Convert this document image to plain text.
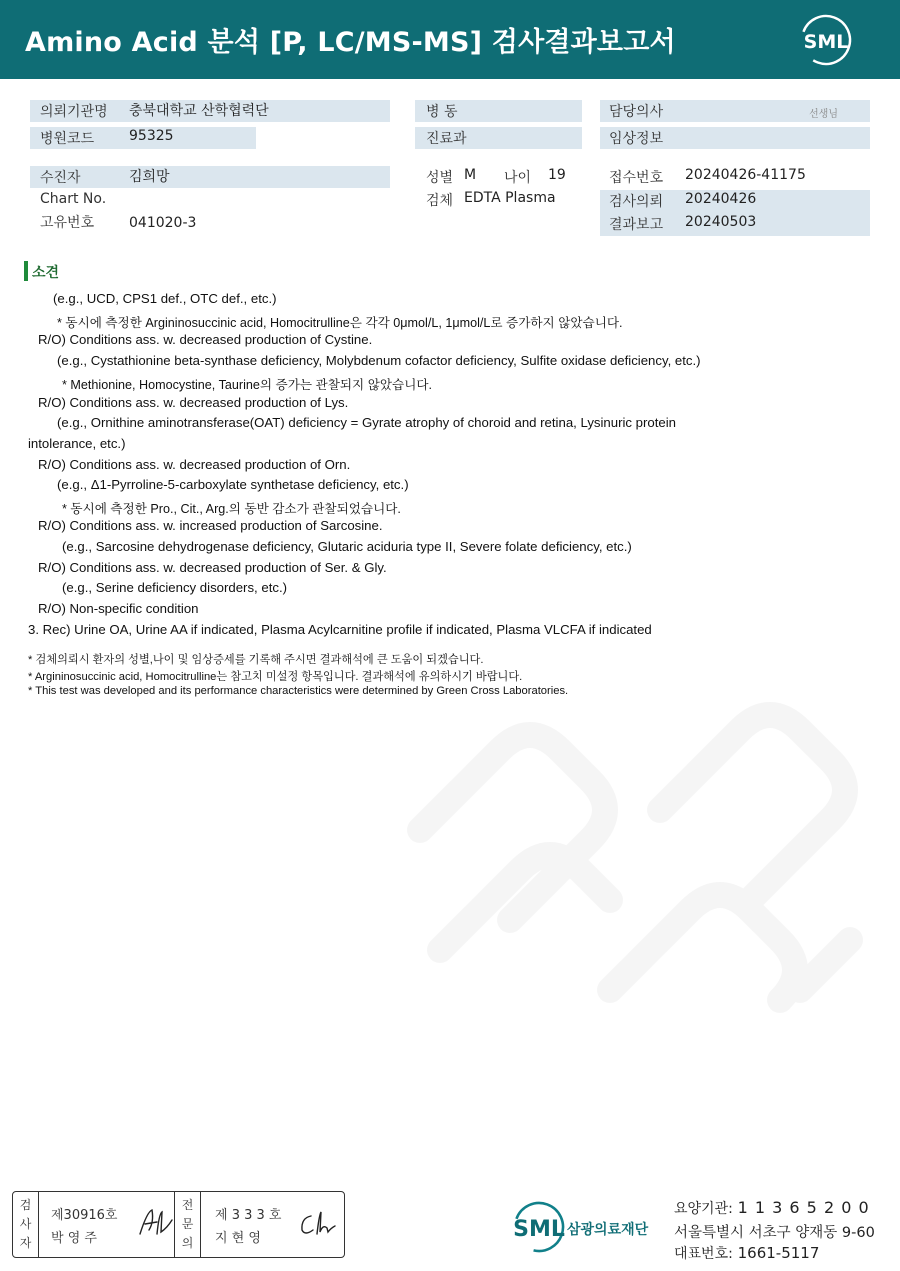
Amino Acid 분석 [P, LC/MS-MS] 검사결과보고서	SML
의뢰기관명 충북대학교 산학협력단
병원코드 95325
수진자	김희망
Chart No.
고유번호 041020-3
병 동
진료과
성별 M 나이 19
검체 EDTA Plasma
담당의사	선생님
임상정보
접수번호 20240426-41175
검사의뢰 20240426
결과보고 20240503
소견
(e.g., UCD, CPS1 def., OTC def., etc.)
* 동시에 측정한 Argininosuccinic acid, Homocitrulline은 각각 0μmol/L, 1μmol/L로 증가하지 않았습니다.
R/O) Conditions ass. w. decreased production of Cystine.
(e.g., Cystathionine beta-synthase deficiency, Molybdenum cofactor deficiency, Sulfite oxidase deficiency, etc.)
* Methionine, Homocystine, Taurine의 증가는 관찰되지 않았습니다.
R/O) Conditions ass. w. decreased production of Lys.
(e.g., Ornithine aminotransferase(OAT) deficiency = Gyrate atrophy of choroid and retina, Lysinuric protein
intolerance, etc.)
R/O) Conditions ass. w. decreased production of Orn.
(e.g., Δ1-Pyrroline-5-carboxylate synthetase deficiency, etc.)
* 동시에 측정한 Pro., Cit., Arg.의 동반 감소가 관찰되었습니다.
R/O) Conditions ass. w. increased production of Sarcosine.
(e.g., Sarcosine dehydrogenase deficiency, Glutaric aciduria type II, Severe folate deficiency, etc.)
R/O) Conditions ass. w. decreased production of Ser. & Gly.
(e.g., Serine deficiency disorders, etc.)
R/O) Non-specific condition
3. Rec) Urine OA, Urine AA if indicated, Plasma Acylcarnitine profile if indicated, Plasma VLCFA if indicated
* 검체의뢰시 환자의 성별,나이 및 임상증세를 기록해 주시면 결과해석에 큰 도움이 되겠습니다.
* Argininosuccinic acid, Homocitrulline는 참고치 미설정 항목입니다. 결과해석에 유의하시기 바랍니다.
* This test was developed and its performance characteristics were determined by Green Cross Laboratories.
검
사
자
제30916호
박 영 주
전
문
의
제 3 3 3 호
지 현 영	SML 삼광의료재단
요양기관: 1 1 3 6 5 2 0 0
서울특별시 서초구 양재동 9-60
대표번호: 1661-5117
